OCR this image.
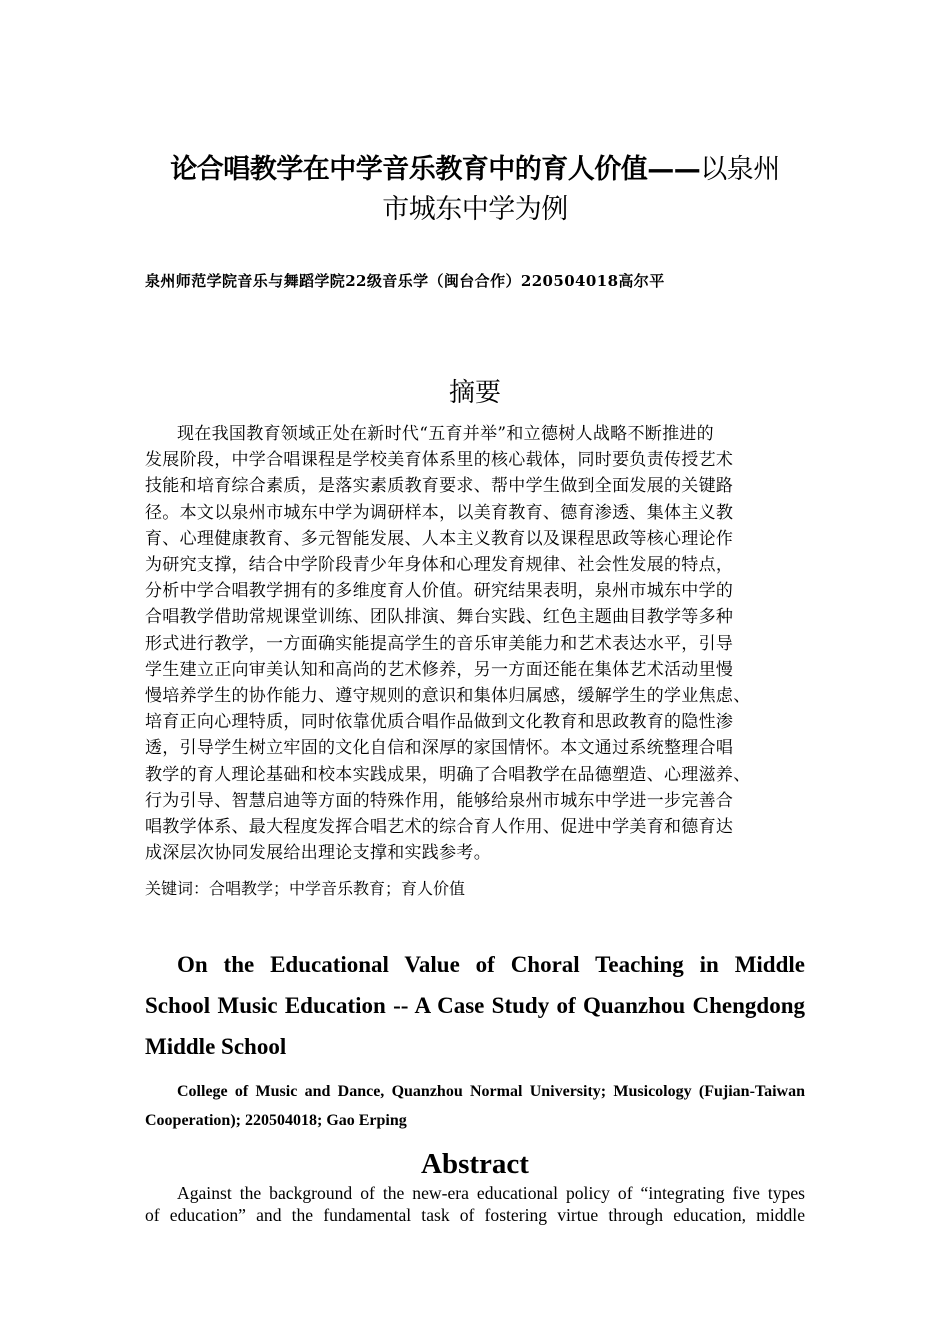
论合唱教学在中学音乐教育中的育人价值——以泉州
市城东中学为例
泉州师范学院音乐与舞蹈学院22级音乐学（闽台合作）220504018高尔平
摘要

现在我国教育领域正处在新时代“五育并举”和立德树人战略不断推进的
发展阶段，中学合唱课程是学校美育体系里的核心载体，同时要负责传授艺术
技能和培育综合素质，是落实素质教育要求、帮中学生做到全面发展的关键路
径。本文以泉州市城东中学为调研样本，以美育教育、德育渗透、集体主义教
育、心理健康教育、多元智能发展、人本主义教育以及课程思政等核心理论作
为研究支撑，结合中学阶段青少年身体和心理发育规律、社会性发展的特点，
分析中学合唱教学拥有的多维度育人价值。研究结果表明，泉州市城东中学的
合唱教学借助常规课堂训练、团队排演、舞台实践、红色主题曲目教学等多种
形式进行教学，一方面确实能提高学生的音乐审美能力和艺术表达水平，引导
学生建立正向审美认知和高尚的艺术修养，另一方面还能在集体艺术活动里慢
慢培养学生的协作能力、遵守规则的意识和集体归属感，缓解学生的学业焦虑、
培育正向心理特质，同时依靠优质合唱作品做到文化教育和思政教育的隐性渗
透，引导学生树立牢固的文化自信和深厚的家国情怀。本文通过系统整理合唱
教学的育人理论基础和校本实践成果，明确了合唱教学在品德塑造、心理滋养、
行为引导、智慧启迪等方面的特殊作用，能够给泉州市城东中学进一步完善合
唱教学体系、最大程度发挥合唱艺术的综合育人作用、促进中学美育和德育达
成深层次协同发展给出理论支撑和实践参考。

关键词：合唱教学；中学音乐教育；育人价值
On the Educational Value of Choral Teaching in Middle
School Music Education -- A Case Study of Quanzhou Chengdong
Middle School
College of Music and Dance, Quanzhou Normal University; Musicology (Fujian-Taiwan
Cooperation); 220504018; Gao Erping
Abstract
Against the background of the new-era educational policy of “integrating five types
of education” and the fundamental task of fostering virtue through education, middle
